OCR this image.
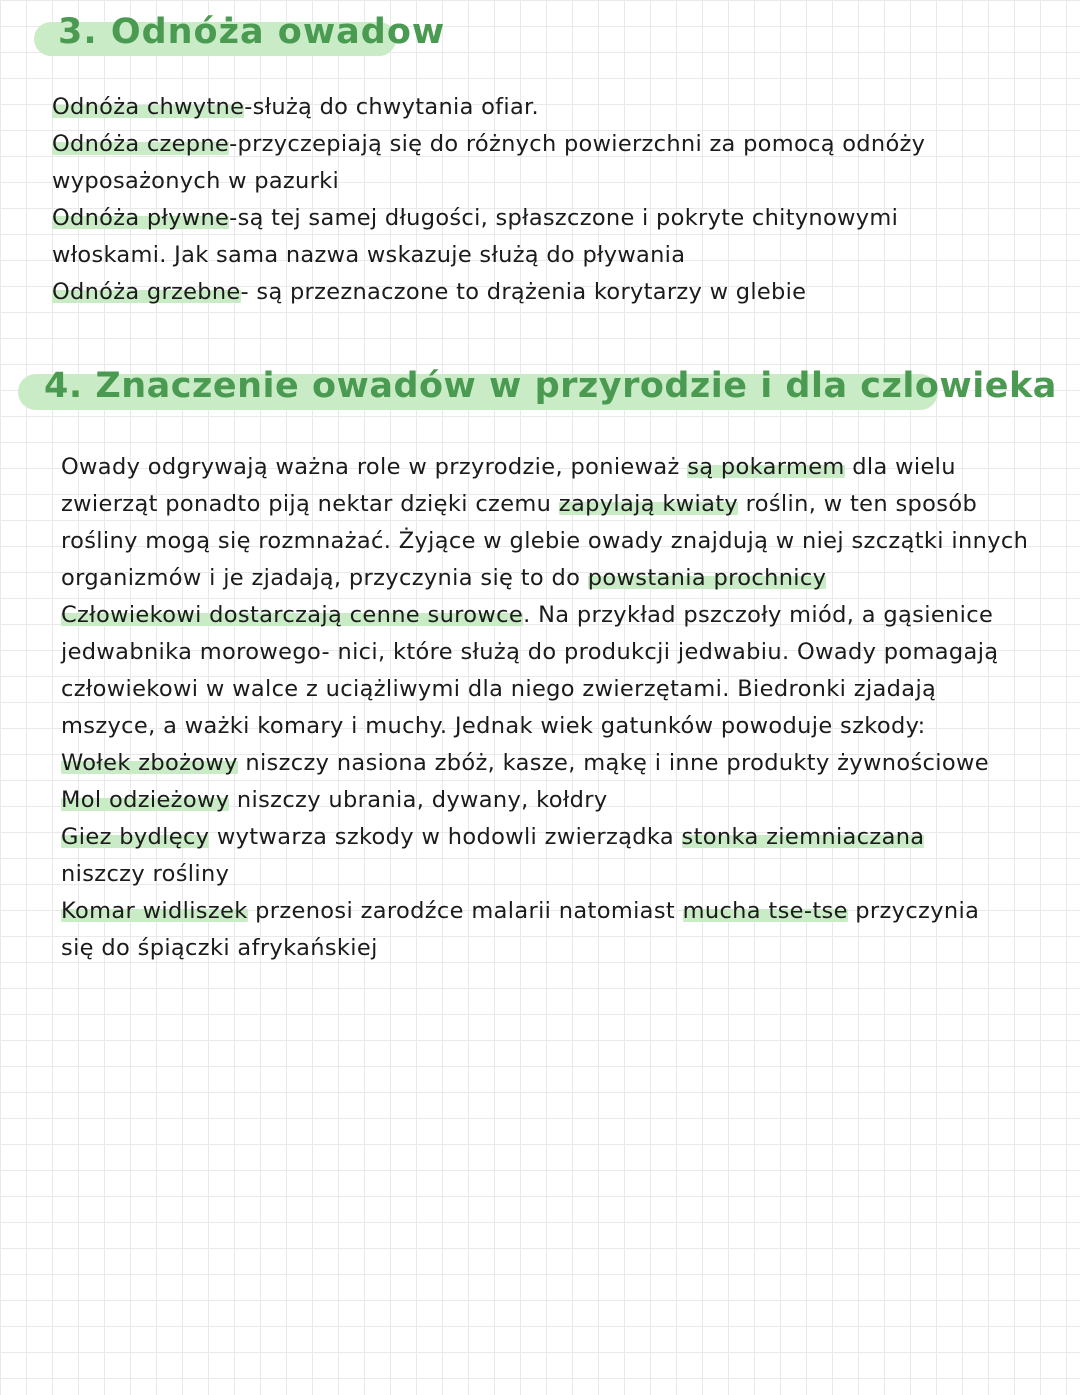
3. Odnóża owadow
Odnóża chwytne-służą do chwytania ofiar.
Odnóża czepne-przyczepiają się do różnych powierzchni za pomocą odnóży
wyposażonych w pazurki
Odnóża pływne-są tej samej długości, spłaszczone i pokryte chitynowymi
włoskami. Jak sama nazwa wskazuje służą do pływania
Odnóża grzebne- są przeznaczone to drążenia korytarzy w glebie
4. Znaczenie owadów w przyrodzie i dla czlowieka
Owady odgrywają ważna role w przyrodzie, ponieważ są pokarmem dla wielu
zwierząt ponadto piją nektar dzięki czemu zapylają kwiaty roślin, w ten sposób
rośliny mogą się rozmnażać. Żyjące w glebie owady znajdują w niej szczątki innych
organizmów i je zjadają, przyczynia się to do powstania prochnicy
Człowiekowi dostarczają cenne surowce. Na przykład pszczoły miód, a gąsienice
jedwabnika morowego- nici, które służą do produkcji jedwabiu. Owady pomagają
człowiekowi w walce z uciążliwymi dla niego zwierzętami. Biedronki zjadają
mszyce, a ważki komary i muchy. Jednak wiek gatunków powoduje szkody:
Wołek zbożowy niszczy nasiona zbóż, kasze, mąkę i inne produkty żywnościowe
Mol odzieżowy niszczy ubrania, dywany, kołdry
Giez bydlęcy wytwarza szkody w hodowli zwierządka stonka ziemniaczana
niszczy rośliny
Komar widliszek przenosi zarodźce malarii natomiast mucha tse-tse przyczynia
się do śpiączki afrykańskiej
